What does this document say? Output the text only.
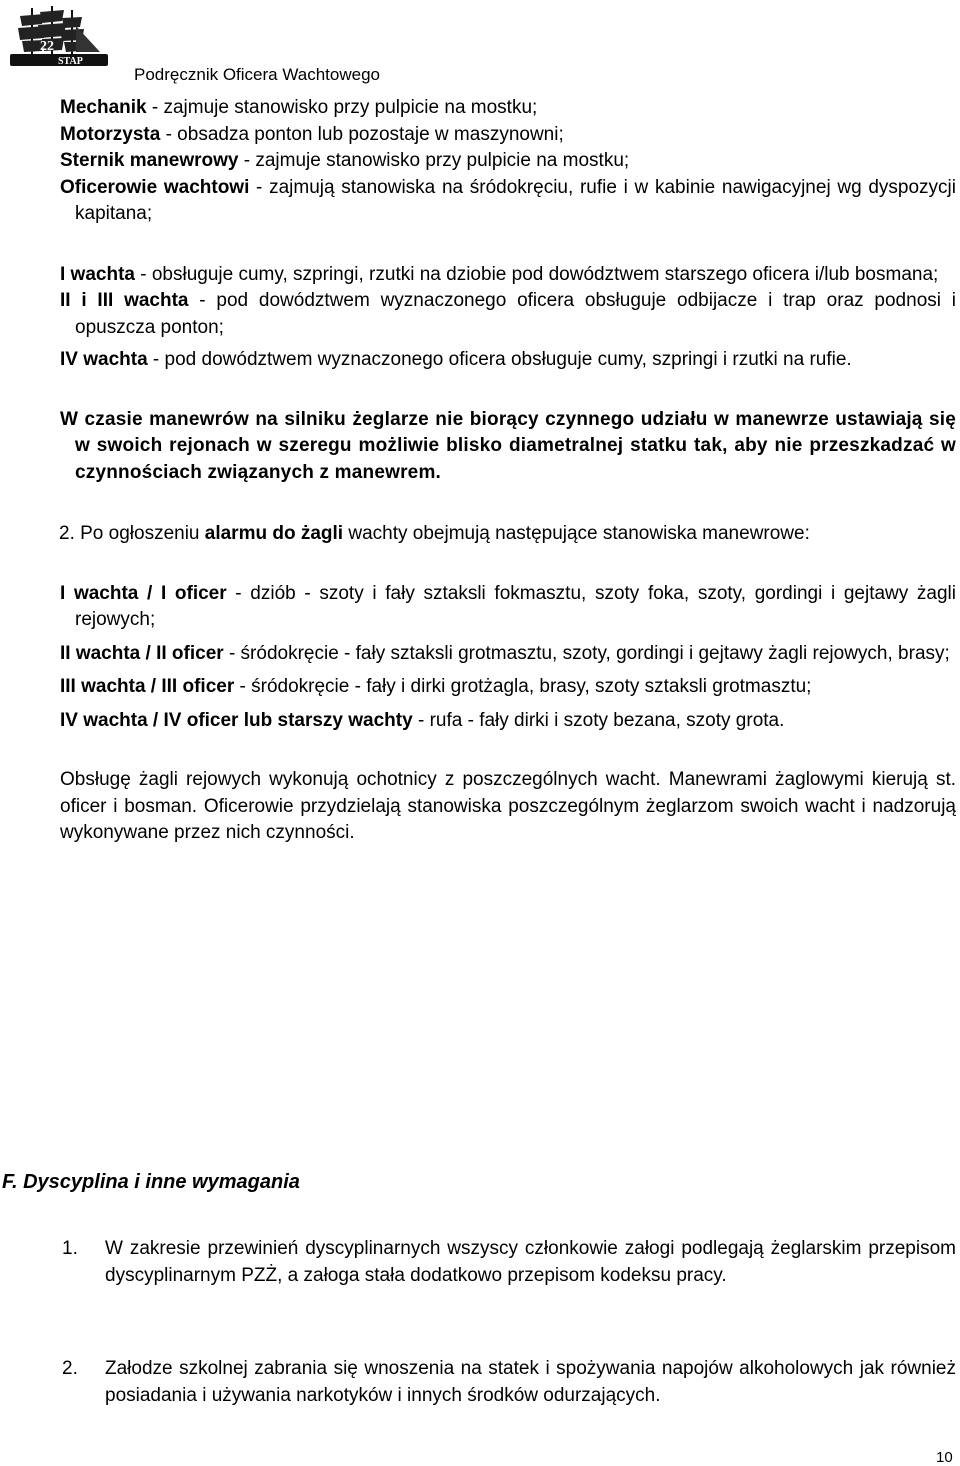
22
STAP
Podręcznik Oficera Wachtowego

Mechanik - zajmuje stanowisko przy pulpicie na mostku;

Motorzysta - obsadza ponton lub pozostaje w maszynowni;

Sternik manewrowy - zajmuje stanowisko przy pulpicie na mostku;

Oficerowie wachtowi - zajmują stanowiska na śródokręciu, rufie i w kabinie nawigacyjnej wg dyspozycji kapitana;

I wachta - obsługuje cumy, szpringi, rzutki na dziobie pod dowództwem starszego oficera i/lub bosmana;

II i III wachta - pod dowództwem wyznaczonego oficera obsługuje odbijacze i trap oraz podnosi i opuszcza ponton;

IV wachta - pod dowództwem wyznaczonego oficera obsługuje cumy, szpringi i rzutki na rufie.

W czasie manewrów na silniku żeglarze nie biorący czynnego udziału w manewrze ustawiają się w swoich rejonach w szeregu możliwie blisko diametralnej statku tak, aby nie przeszkadzać w czynnościach związanych z manewrem.

2. Po ogłoszeniu alarmu do żagli wachty obejmują następujące stanowiska manewrowe:

I wachta / I oficer - dziób - szoty i fały sztaksli fokmasztu, szoty foka, szoty, gordingi i gejtawy żagli rejowych;

II wachta / II oficer - śródokręcie - fały sztaksli grotmasztu, szoty, gordingi i gejtawy żagli rejowych, brasy;

III wachta / III oficer - śródokręcie - fały i dirki grotżagla, brasy, szoty sztaksli grotmasztu;

IV wachta / IV oficer lub starszy wachty - rufa - fały dirki i szoty bezana, szoty grota.

Obsługę żagli rejowych wykonują ochotnicy z poszczególnych wacht. Manewrami żaglowymi kierują st. oficer i bosman. Oficerowie przydzielają stanowiska poszczególnym żeglarzom swoich wacht i nadzorują wykonywane przez nich czynności.

F. Dyscyplina i inne wymagania
1. W zakresie przewinień dyscyplinarnych wszyscy członkowie załogi podlegają żeglarskim przepisom dyscyplinarnym PZŻ, a załoga stała dodatkowo przepisom kodeksu pracy.
2. Załodze szkolnej zabrania się wnoszenia na statek i spożywania napojów alkoholowych jak również posiadania i używania narkotyków i innych środków odurzających.
10
